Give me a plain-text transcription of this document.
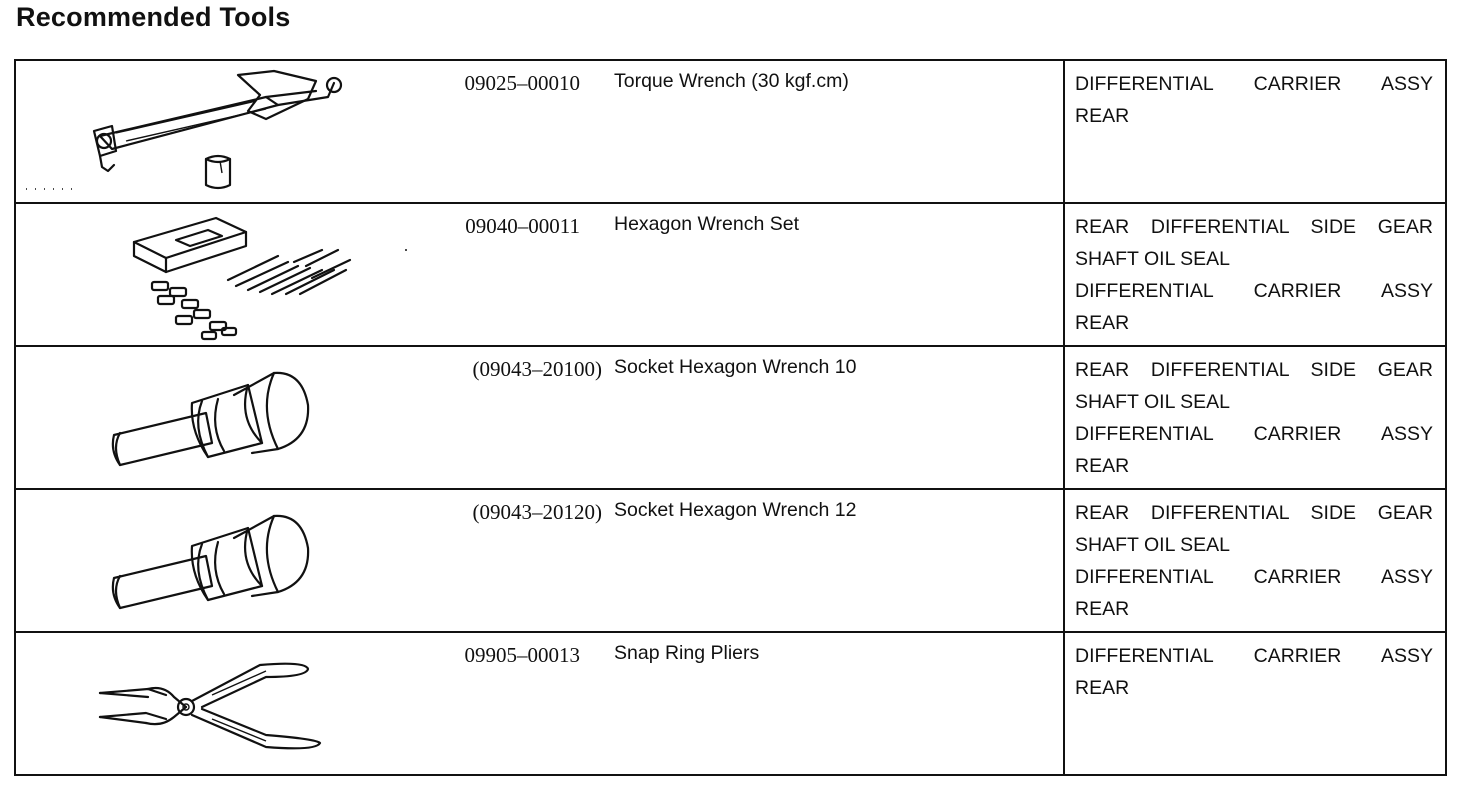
Recommended Tools
09025–00010 Torque Wrench (30 kgf.cm)	DIFFERENTIAL CARRIER ASSY
REAR
09040–00011 Hexagon Wrench Set	REAR DIFFERENTIAL SIDE GEAR
SHAFT OIL SEAL
DIFFERENTIAL CARRIER ASSY
REAR
(09043–20100) Socket Hexagon Wrench 10	REAR DIFFERENTIAL SIDE GEAR
SHAFT OIL SEAL
DIFFERENTIAL CARRIER ASSY
REAR
(09043–20120) Socket Hexagon Wrench 12	REAR DIFFERENTIAL SIDE GEAR
SHAFT OIL SEAL
DIFFERENTIAL CARRIER ASSY
REAR
09905–00013 Snap Ring Pliers	DIFFERENTIAL CARRIER ASSY
REAR
